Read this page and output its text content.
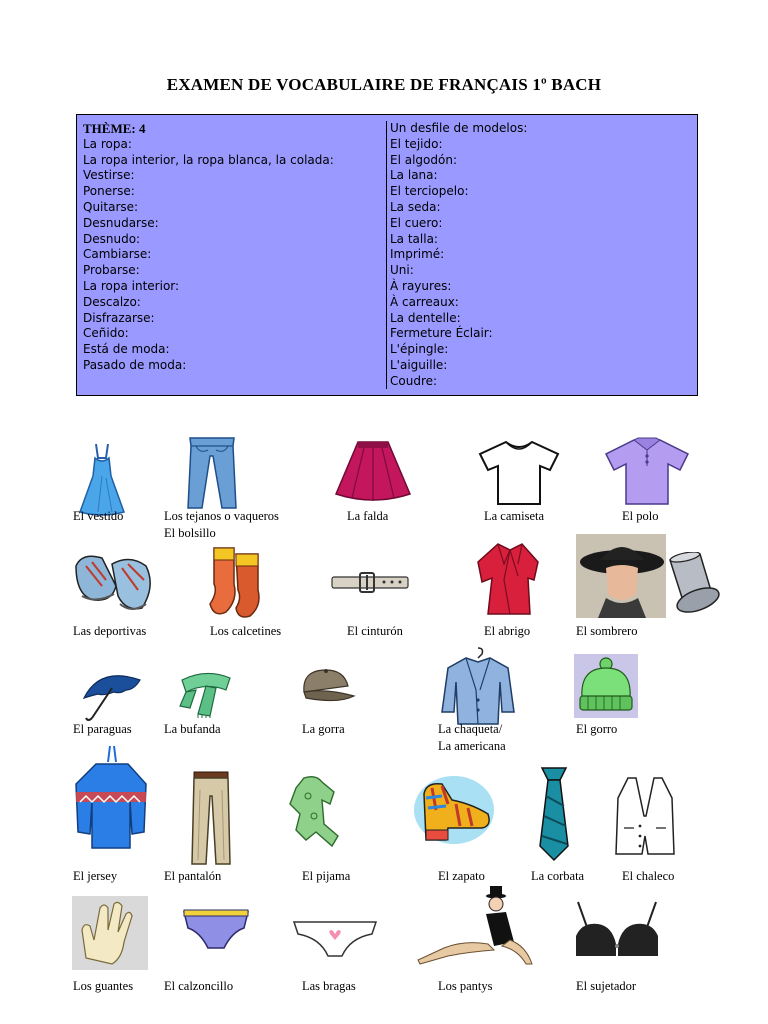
EXAMEN DE VOCABULAIRE DE FRANÇAIS 1º BACH
THÈME: 4
La ropa:
La ropa interior, la ropa blanca, la colada:
Vestirse:
Ponerse:
Quitarse:
Desnudarse:
Desnudo:
Cambiarse:
Probarse:
La ropa interior:
Descalzo:
Disfrazarse:
Ceñido:
Está de moda:
Pasado de moda:
Un desfile de modelos:
El tejido:
El algodón:
La lana:
El terciopelo:
La seda:
El cuero:
La talla:
Imprimé:
Uni:
À rayures:
À carreaux:
La dentelle:
Fermeture Éclair:
L'épingle:
L'aiguille:
Coudre:
El vestido	Los tejanos o vaqueros
El bolsillo
La falda	La camiseta	El polo
Las deportivas	Los calcetines	El cinturón	El abrigo	El sombrero
El paraguas	La bufanda	La gorra	La chaqueta/
La americana
El gorro
El jersey	El pantalón	El pijama	El zapato	La corbata	El chaleco
Los guantes El calzoncillo	Las bragas	Los pantys	El sujetador
